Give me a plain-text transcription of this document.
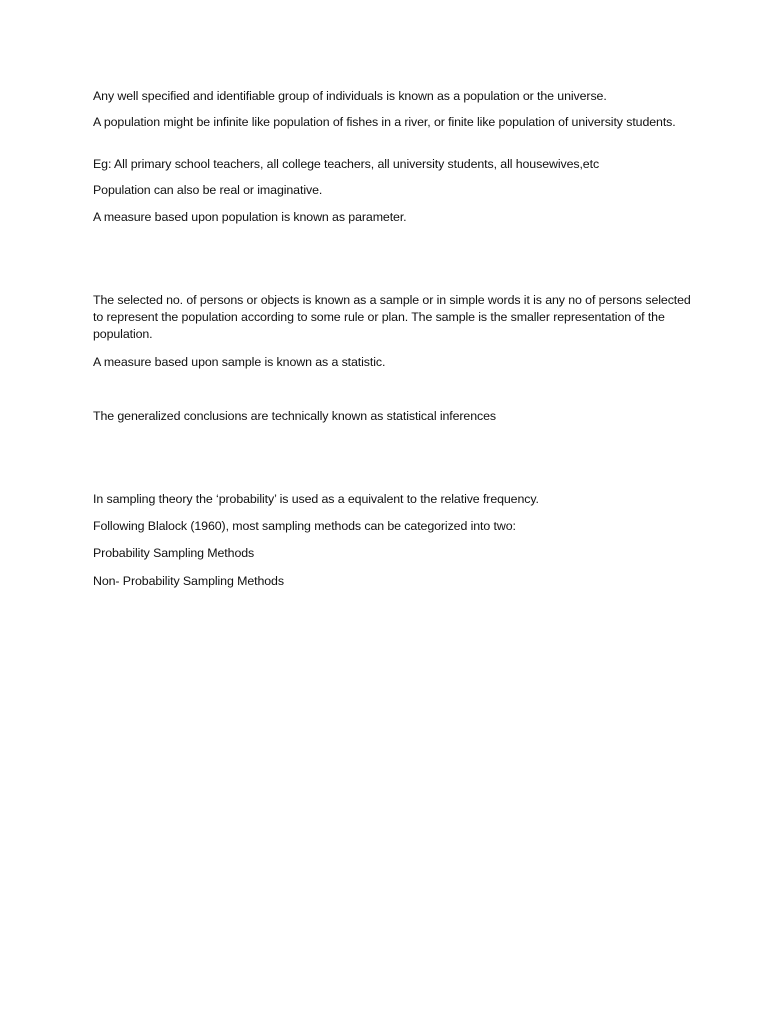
Any well specified and identifiable group of individuals is known as a population or the universe.

A population might be infinite like population of fishes in a river, or finite like population of university students.

Eg: All primary school teachers, all college teachers, all university students, all housewives,etc

Population can also be real or imaginative.

A measure based upon population is known as parameter.

The selected no. of persons or objects is known as a sample or in simple words it is any no of persons selected to represent the population according to some rule or plan. The sample is the smaller representation of the population.

A measure based upon sample is known as a statistic.

The generalized conclusions are technically known as statistical inferences

In sampling theory the ‘probability’ is used as a equivalent to the relative frequency.

Following Blalock (1960), most sampling methods can be categorized into two:

Probability Sampling Methods

Non- Probability Sampling Methods
